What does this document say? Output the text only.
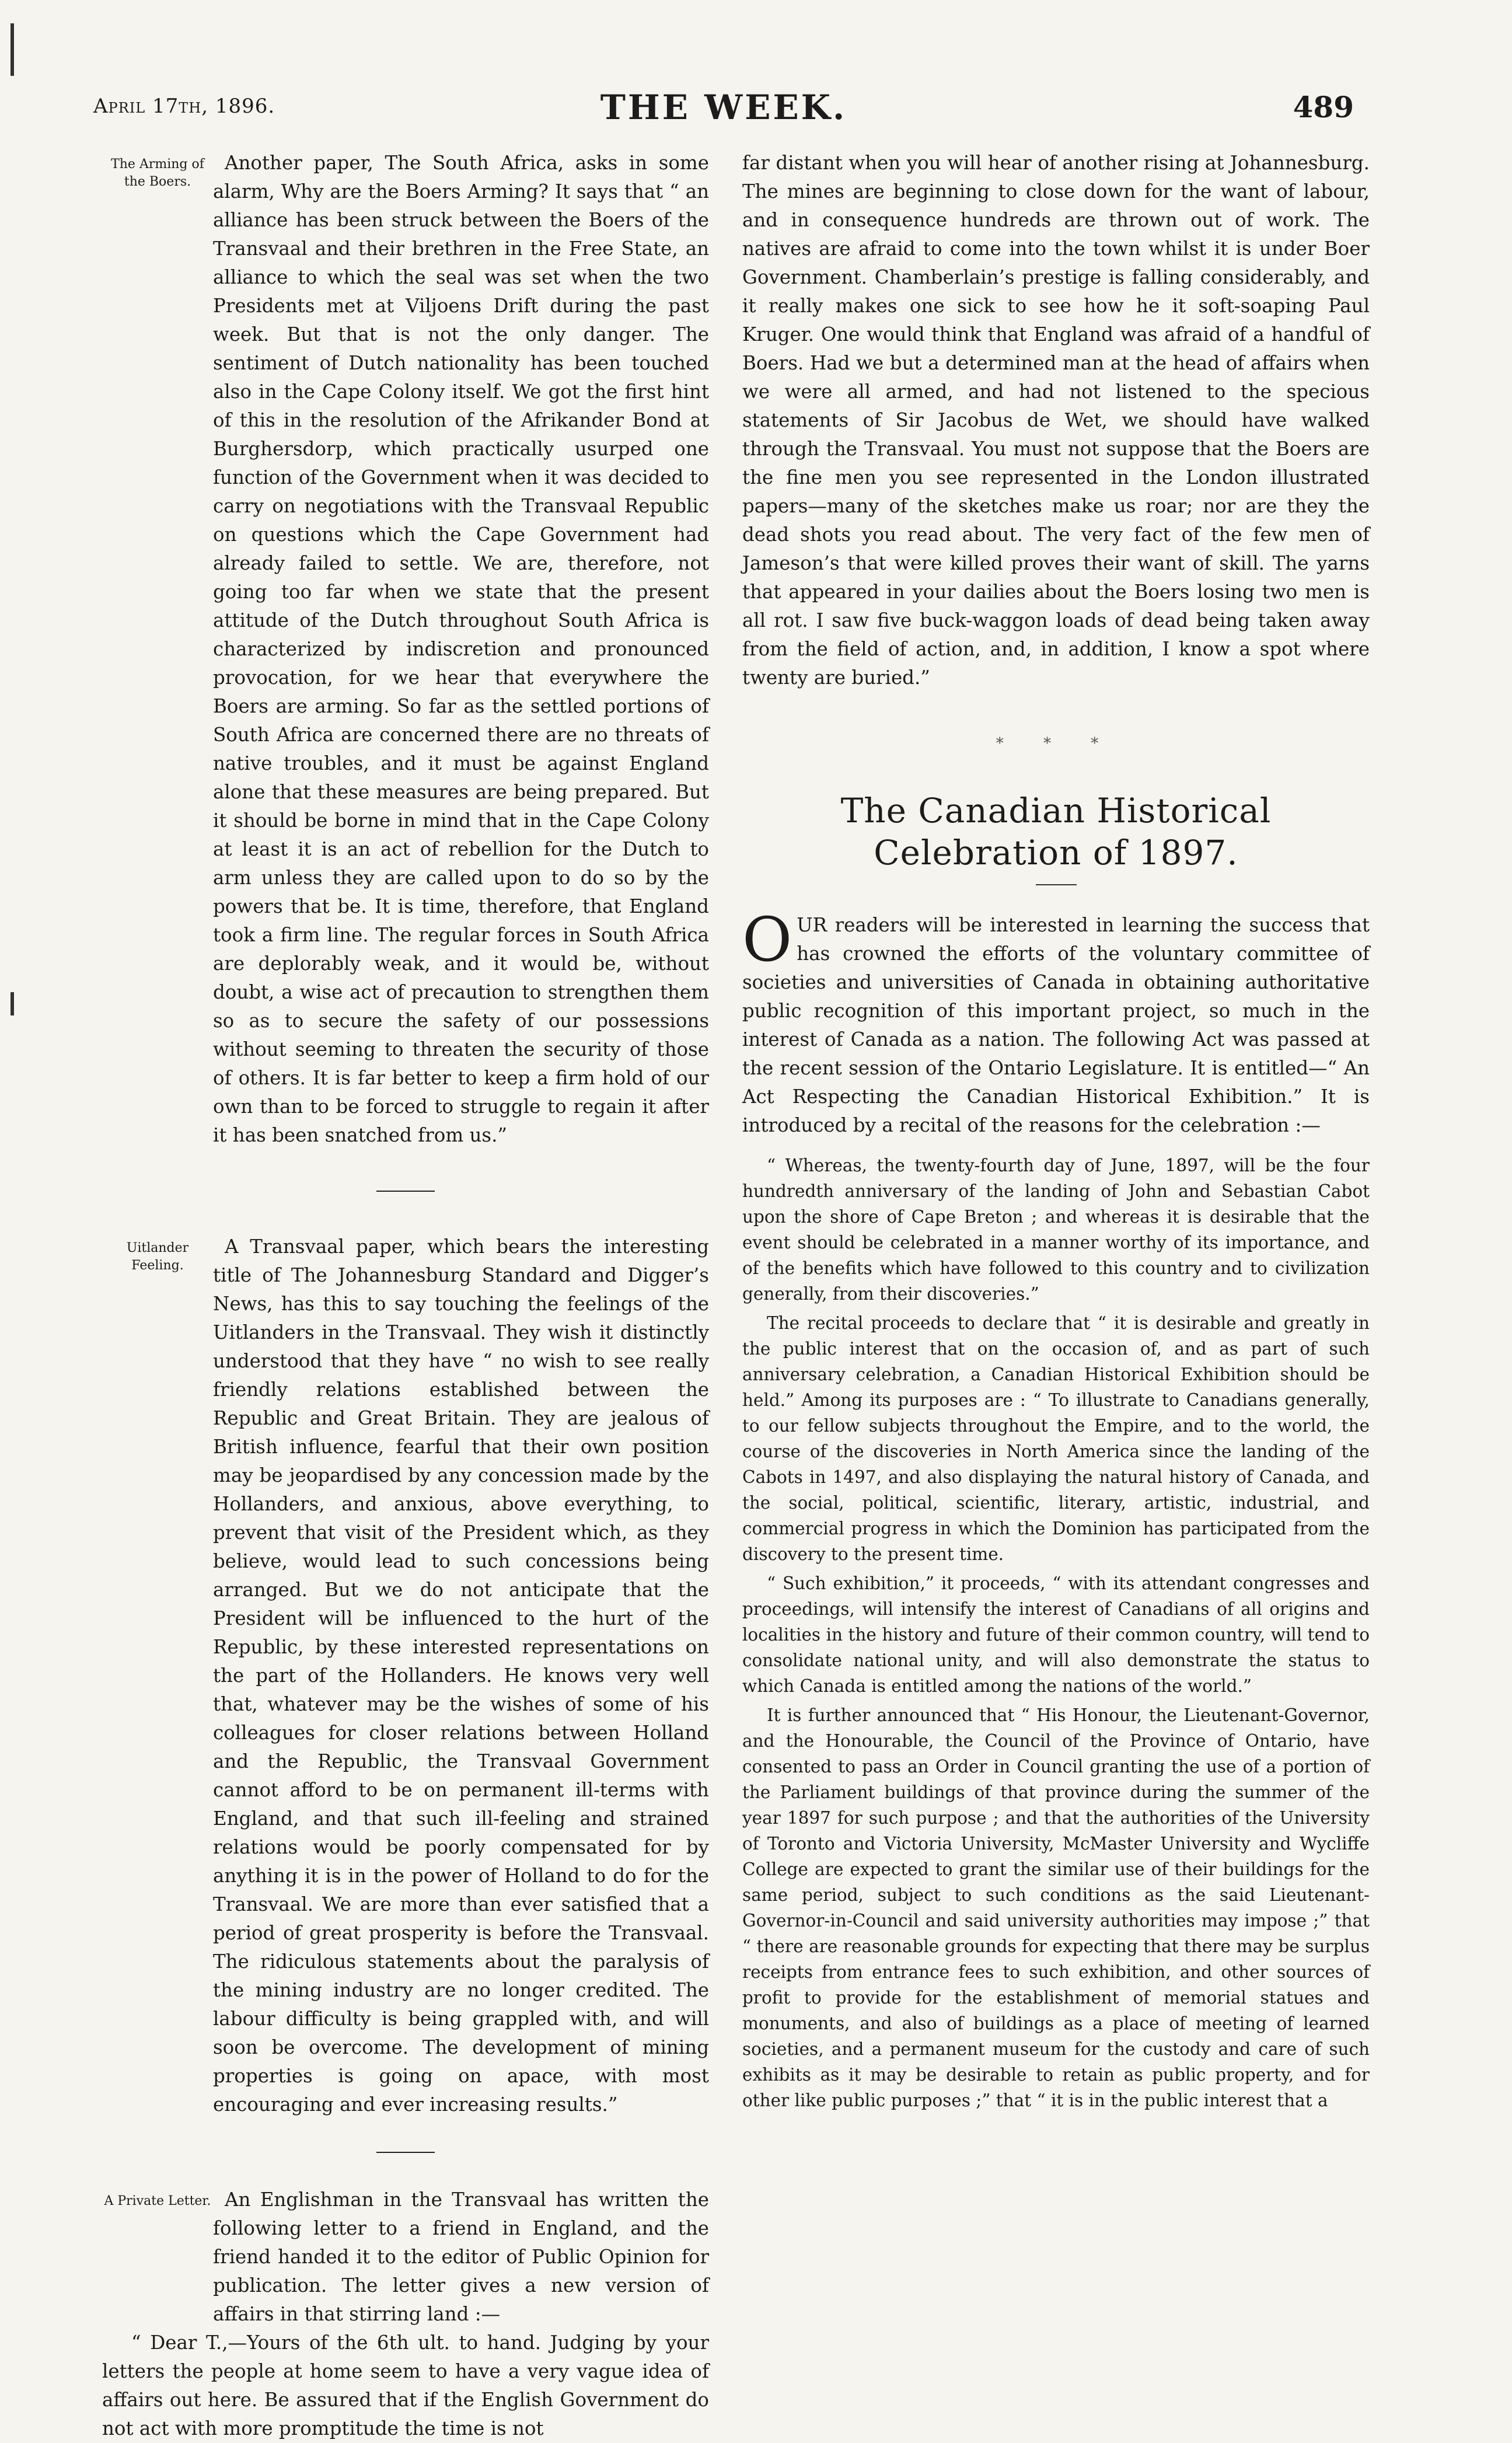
April 17th, 1896.	THE WEEK.	489
The Arming of the Boers.

Another paper, The South Africa, asks in some alarm, Why are the Boers Arming? It says that “ an alliance has been struck between the Boers of the Transvaal and their brethren in the Free State, an alliance to which the seal was set when the two Presidents met at Viljoens Drift during the past week. But that is not the only danger. The sentiment of Dutch nationality has been touched also in the Cape Colony itself. We got the first hint of this in the resolution of the Afrikander Bond at Burghersdorp, which practically usurped one function of the Government when it was decided to carry on negotiations with the Transvaal Republic on questions which the Cape Government had already failed to settle. We are, therefore, not going too far when we state that the present attitude of the Dutch throughout South Africa is characterized by indiscretion and pronounced provocation, for we hear that everywhere the Boers are arming. So far as the settled portions of South Africa are concerned there are no threats of native troubles, and it must be against England alone that these measures are being prepared. But it should be borne in mind that in the Cape Colony at least it is an act of rebellion for the Dutch to arm unless they are called upon to do so by the powers that be. It is time, therefore, that England took a firm line. The regular forces in South Africa are deplorably weak, and it would be, without doubt, a wise act of precaution to strengthen them so as to secure the safety of our possessions without seeming to threaten the security of those of others. It is far better to keep a firm hold of our own than to be forced to struggle to regain it after it has been snatched from us.”

Uitlander Feeling.

A Transvaal paper, which bears the interesting title of The Johannesburg Standard and Digger’s News, has this to say touching the feelings of the Uitlanders in the Transvaal. They wish it distinctly understood that they have “ no wish to see really friendly relations established between the Republic and Great Britain. They are jealous of British influence, fearful that their own position may be jeopardised by any concession made by the Hollanders, and anxious, above everything, to prevent that visit of the President which, as they believe, would lead to such concessions being arranged. But we do not anticipate that the President will be influenced to the hurt of the Republic, by these interested representations on the part of the Hollanders. He knows very well that, whatever may be the wishes of some of his colleagues for closer relations between Holland and the Republic, the Transvaal Government cannot afford to be on permanent ill-terms with England, and that such ill-feeling and strained relations would be poorly compensated for by anything it is in the power of Holland to do for the Transvaal. We are more than ever satisfied that a period of great prosperity is before the Transvaal. The ridiculous statements about the paralysis of the mining industry are no longer credited. The labour difficulty is being grappled with, and will soon be overcome. The development of mining properties is going on apace, with most encouraging and ever increasing results.”

A Private Letter. An Englishman in the Transvaal has written the following letter to a friend in England, and the friend handed it to the editor of Public Opinion for publication. The letter gives a new version of affairs in that stirring land :—

“ Dear T.,—Yours of the 6th ult. to hand. Judging by your letters the people at home seem to have a very vague idea of affairs out here. Be assured that if the English Government do not act with more promptitude the time is not

far distant when you will hear of another rising at Johannesburg. The mines are beginning to close down for the want of labour, and in consequence hundreds are thrown out of work. The natives are afraid to come into the town whilst it is under Boer Government. Chamberlain’s prestige is falling considerably, and it really makes one sick to see how he it soft-soaping Paul Kruger. One would think that England was afraid of a handful of Boers. Had we but a determined man at the head of affairs when we were all armed, and had not listened to the specious statements of Sir Jacobus de Wet, we should have walked through the Transvaal. You must not suppose that the Boers are the fine men you see represented in the London illustrated papers—many of the sketches make us roar; nor are they the dead shots you read about. The very fact of the few men of Jameson’s that were killed proves their want of skill. The yarns that appeared in your dailies about the Boers losing two men is all rot. I saw five buck-waggon loads of dead being taken away from the field of action, and, in addition, I know a spot where twenty are buried.”

* * *
The Canadian Historical Celebration of 1897.

OUR readers will be interested in learning the success that has crowned the efforts of the voluntary committee of societies and universities of Canada in obtaining authoritative public recognition of this important project, so much in the interest of Canada as a nation. The following Act was passed at the recent session of the Ontario Legislature. It is entitled—“ An Act Respecting the Canadian Historical Exhibition.” It is introduced by a recital of the reasons for the celebration :—

“ Whereas, the twenty-fourth day of June, 1897, will be the four hundredth anniversary of the landing of John and Sebastian Cabot upon the shore of Cape Breton ; and whereas it is desirable that the event should be celebrated in a manner worthy of its importance, and of the benefits which have followed to this country and to civilization generally, from their discoveries.”

The recital proceeds to declare that “ it is desirable and greatly in the public interest that on the occasion of, and as part of such anniversary celebration, a Canadian Historical Exhibition should be held.” Among its purposes are : “ To illustrate to Canadians generally, to our fellow subjects throughout the Empire, and to the world, the course of the discoveries in North America since the landing of the Cabots in 1497, and also displaying the natural history of Canada, and the social, political, scientific, literary, artistic, industrial, and commercial progress in which the Dominion has participated from the discovery to the present time.

“ Such exhibition,” it proceeds, “ with its attendant congresses and proceedings, will intensify the interest of Canadians of all origins and localities in the history and future of their common country, will tend to consolidate national unity, and will also demonstrate the status to which Canada is entitled among the nations of the world.”

It is further announced that “ His Honour, the Lieutenant-Governor, and the Honourable, the Council of the Province of Ontario, have consented to pass an Order in Council granting the use of a portion of the Parliament buildings of that province during the summer of the year 1897 for such purpose ; and that the authorities of the University of Toronto and Victoria University, McMaster University and Wycliffe College are expected to grant the similar use of their buildings for the same period, subject to such conditions as the said Lieutenant-Governor-in-Council and said university authorities may impose ;” that “ there are reasonable grounds for expecting that there may be surplus receipts from entrance fees to such exhibition, and other sources of profit to provide for the establishment of memorial statues and monuments, and also of buildings as a place of meeting of learned societies, and a permanent museum for the custody and care of such exhibits as it may be desirable to retain as public property, and for other like public purposes ;” that “ it is in the public interest that a
